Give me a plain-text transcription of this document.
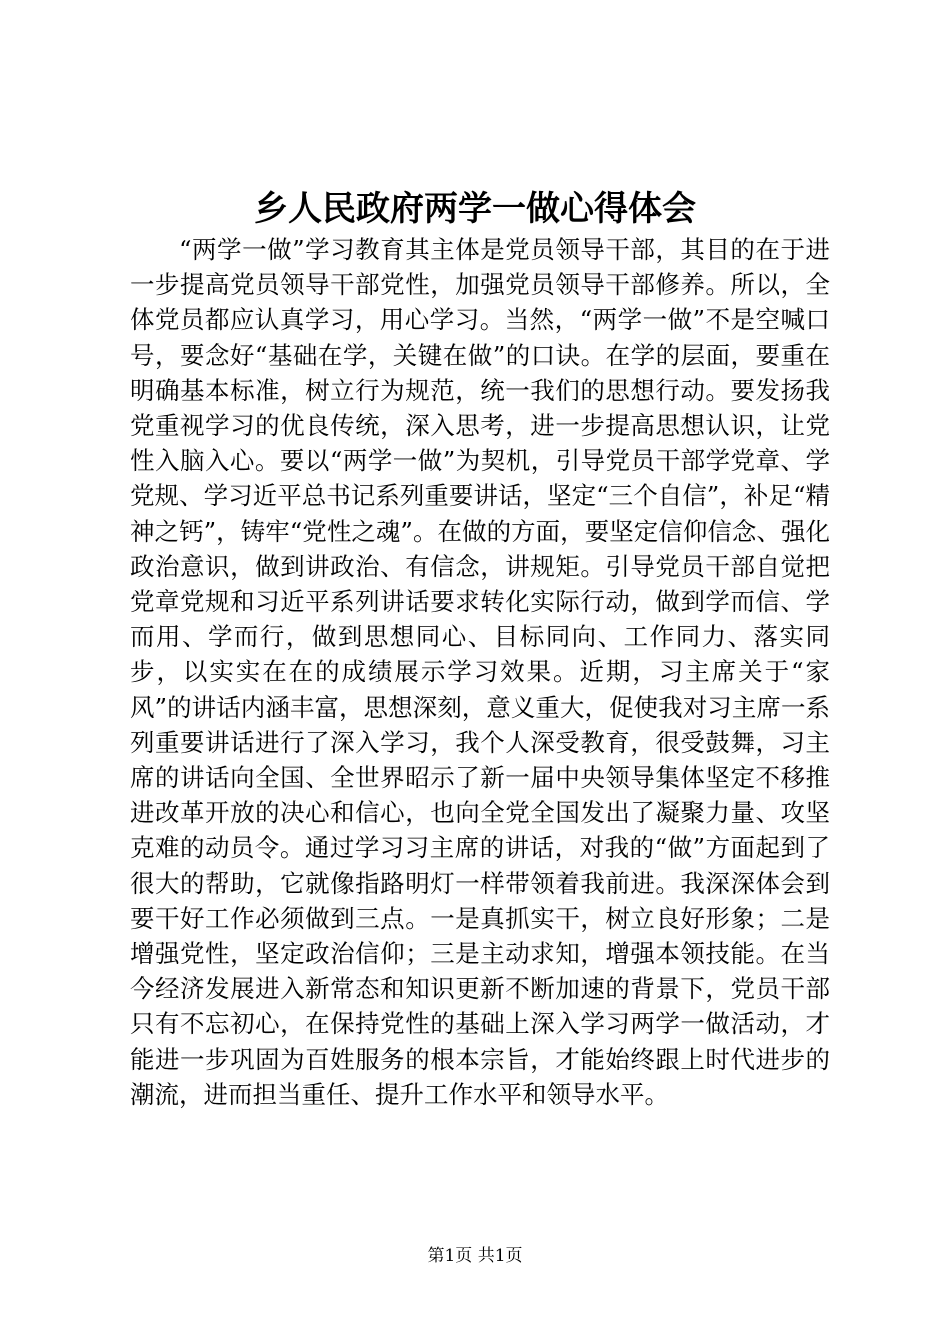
乡人民政府两学一做心得体会

“两学一做”学习教育其主体是党员领导干部，其目的在于进一步提高党员领导干部党性，加强党员领导干部修养。所以，全体党员都应认真学习，用心学习。当然，“两学一做”不是空喊口号，要念好“基础在学，关键在做”的口诀。在学的层面，要重在明确基本标准，树立行为规范，统一我们的思想行动。要发扬我党重视学习的优良传统，深入思考，进一步提高思想认识，让党性入脑入心。要以“两学一做”为契机，引导党员干部学党章、学党规、学习近平总书记系列重要讲话，坚定“三个自信”，补足“精神之钙”，铸牢“党性之魂”。在做的方面，要坚定信仰信念、强化政治意识，做到讲政治、有信念，讲规矩。引导党员干部自觉把党章党规和习近平系列讲话要求转化实际行动，做到学而信、学而用、学而行，做到思想同心、目标同向、工作同力、落实同步，以实实在在的成绩展示学习效果。近期，习主席关于“家风”的讲话内涵丰富，思想深刻，意义重大，促使我对习主席一系列重要讲话进行了深入学习，我个人深受教育，很受鼓舞，习主席的讲话向全国、全世界昭示了新一届中央领导集体坚定不移推进改革开放的决心和信心，也向全党全国发出了凝聚力量、攻坚克难的动员令。通过学习习主席的讲话，对我的“做”方面起到了很大的帮助，它就像指路明灯一样带领着我前进。我深深体会到要干好工作必须做到三点。一是真抓实干，树立良好形象；二是增强党性，坚定政治信仰；三是主动求知，增强本领技能。在当今经济发展进入新常态和知识更新不断加速的背景下，党员干部只有不忘初心，在保持党性的基础上深入学习两学一做活动，才能进一步巩固为百姓服务的根本宗旨，才能始终跟上时代进步的潮流，进而担当重任、提升工作水平和领导水平。

第1页 共1页
